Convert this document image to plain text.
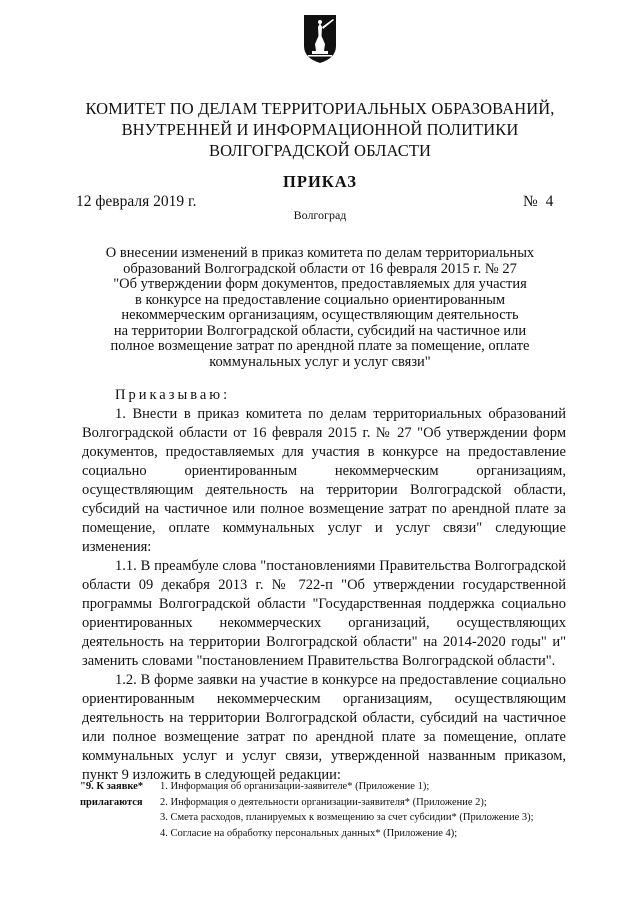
КОМИТЕТ ПО ДЕЛАМ ТЕРРИТОРИАЛЬНЫХ ОБРАЗОВАНИЙ,
ВНУТРЕННЕЙ И ИНФОРМАЦИОННОЙ ПОЛИТИКИ
ВОЛГОГРАДСКОЙ ОБЛАСТИ
ПРИКАЗ
12 февраля 2019 г.	№ 4
Волгоград
О внесении изменений в приказ комитета по делам территориальных
образований Волгоградской области от 16 февраля 2015 г. № 27
"Об утверждении форм документов, предоставляемых для участия
в конкурсе на предоставление социально ориентированным
некоммерческим организациям, осуществляющим деятельность
на территории Волгоградской области, субсидий на частичное или
полное возмещение затрат по арендной плате за помещение, оплате
коммунальных услуг и услуг связи"

Приказываю:

1. Внести в приказ комитета по делам территориальных образований Волгоградской области от 16 февраля 2015 г. № 27 "Об утверждении форм документов, предоставляемых для участия в конкурсе на предоставление социально ориентированным некоммерческим организациям, осуществляющим деятельность на территории Волгоградской области, субсидий на частичное или полное возмещение затрат по арендной плате за помещение, оплате коммунальных услуг и услуг связи" следующие изменения:

1.1. В преамбуле слова "постановлениями Правительства Волгоградской области 09 декабря 2013 г. № 722-п "Об утверждении государственной программы Волгоградской области "Государственная поддержка социально ориентированных некоммерческих организаций, осуществляющих деятельность на территории Волгоградской области" на 2014-2020 годы" и" заменить словами "постановлением Правительства Волгоградской области".

1.2. В форме заявки на участие в конкурсе на предоставление социально ориентированным некоммерческим организациям, осуществляющим деятельность на территории Волгоградской области, субсидий на частичное или полное возмещение затрат по арендной плате за помещение, оплате коммунальных услуг и услуг связи, утвержденной названным приказом, пункт 9 изложить в следующей редакции:

"9. К заявке*
прилагаются
1. Информация об организации-заявителе* (Приложение 1);
2. Информация о деятельности организации-заявителя* (Приложение 2);
3. Смета расходов, планируемых к возмещению за счет субсидии* (Приложение 3);
4. Согласие на обработку персональных данных* (Приложение 4);
